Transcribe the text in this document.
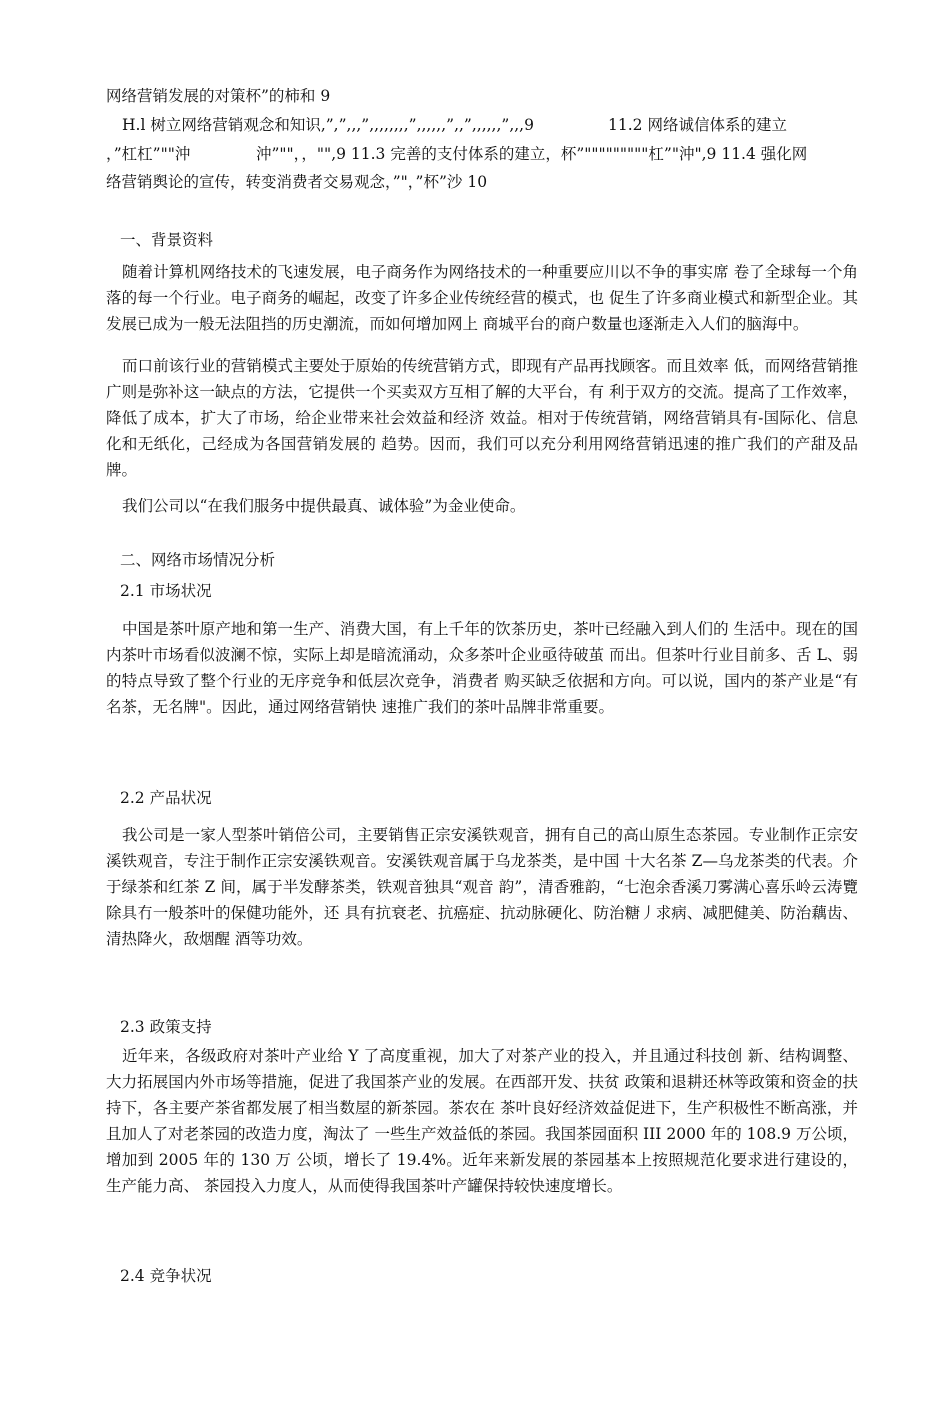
网络营销发展的对策杯”的柿和 9
H.l 树立网络营销观念和知识,”,”,,,”,,,,,,,,”,,,,,,”,,”,,,,,,”,,,9	11.2 网络诚信体系的建立
，”杠杠”""沖	沖”""，，"",9 11.3 完善的支付体系的建立，杯”"""""""""杠”"沖",9 11.4 强化网
络营销舆论的宣传，转变消费者交易观念，”"，”杯”沙 10
一、背景资料

随着计算机网络技术的飞速发展，电子商务作为网络技术的一种重要应川以不争的事实席 卷了全球每一个角落的每一个行业。电子商务的崛起，改变了许多企业传统经营的模式，也 促生了许多商业模式和新型企业。其发展已成为一般无法阻挡的历史潮流，而如何增加网上 商城平台的商户数量也逐渐走入人们的脑海中。

而口前该行业的营销模式主要处于原始的传统营销方式，即现有产品再找顾客。而且效率 低，而网络营销推广则是弥补这一缺点的方法，它提供一个买卖双方互相了解的大平台，有 利于双方的交流。提高了工作效率，降低了成本，扩大了市场，给企业带来社会效益和经济 效益。相对于传统营销，网络营销具有-国际化、信息化和无纸化，己经成为各国营销发展的 趋势。因而，我们可以充分利用网络营销迅速的推广我们的产甜及品牌。

我们公司以“在我们服务中提供最真、诚体验”为金业使命。

二、网络市场情况分析
2.1 市场状况

中国是茶叶原产地和第一生产、消费大国，有上千年的饮茶历史，茶叶已经融入到人们的 生活中。现在的国内茶叶市场看似波澜不惊，实际上却是暗流涌动，众多茶叶企业亟待破茧 而出。但茶叶行业目前多、舌 L、弱的特点导致了整个行业的无序竞争和低层次竞争，消费者 购买缺乏依据和方向。可以说，国内的茶产业是“有名茶，无名牌"。因此，通过网络营销快 速推广我们的茶叶品牌非常重要。

2.2 产品状况

我公司是一家人型茶叶销倍公司，主要销售正宗安溪铁观音，拥有自己的高山原生态茶园。专业制作正宗安溪铁观音，专注于制作正宗安溪铁观音。安溪铁观音属于乌龙茶类，是中国 十大名茶 Z—乌龙茶类的代表。介于绿茶和红茶 Z 间，属于半发酵茶类，铁观音独具“观音 韵”，清香雅韵，“七泡余香溪刀雾满心喜乐岭云涛覽除具冇一般茶叶的保健功能外，还 具有抗衰老、抗癌症、抗动脉硬化、防治糖丿求病、减肥健美、防治藕齿、清热降火，敌烟醒 酒等功效。

2.3 政策支持

近年来，各级政府对茶叶产业给 Y 了高度重视，加大了对茶产业的投入，并且通过科技创 新、结构调整、大力拓展国内外市场等措施，促进了我国茶产业的发展。在西部开发、扶贫 政策和退耕还林等政策和资金的扶持下，各主要产茶省都发展了相当数屋的新茶园。茶农在 茶叶良好经济效益促进下，生产积极性不断高涨，并且加人了对老茶园的改造力度，淘汰了 一些生产效益低的茶园。我国茶园面积 III 2000 年的 108.9 万公顷，增加到 2005 年的 130 万 公顷，增长了 19.4%。近年来新发展的茶园基本上按照规范化要求进行建设的，生产能力高、 茶园投入力度人，从而使得我国茶叶产罐保持较快速度增长。

2.4 竞争状况
